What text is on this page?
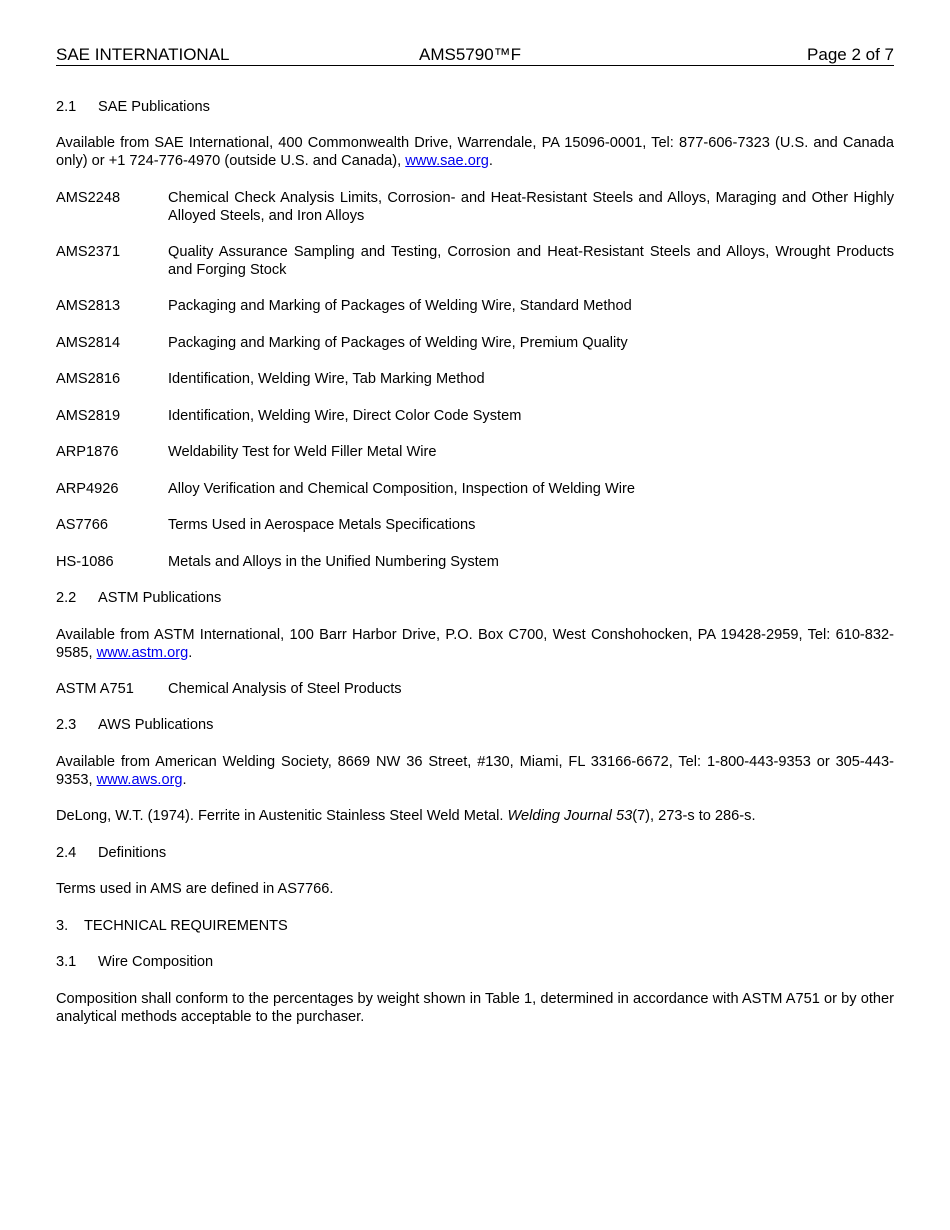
SAE INTERNATIONAL	AMS5790™F	Page 2 of 7
2.1 SAE Publications
Available from SAE International, 400 Commonwealth Drive, Warrendale, PA 15096-0001, Tel: 877-606-7323 (U.S. and Canada only) or +1 724-776-4970 (outside U.S. and Canada), www.sae.org.
AMS2248	Chemical Check Analysis Limits, Corrosion- and Heat-Resistant Steels and Alloys, Maraging and Other Highly Alloyed Steels, and Iron Alloys
AMS2371	Quality Assurance Sampling and Testing, Corrosion and Heat-Resistant Steels and Alloys, Wrought Products and Forging Stock
AMS2813	Packaging and Marking of Packages of Welding Wire, Standard Method
AMS2814	Packaging and Marking of Packages of Welding Wire, Premium Quality
AMS2816	Identification, Welding Wire, Tab Marking Method
AMS2819	Identification, Welding Wire, Direct Color Code System
ARP1876	Weldability Test for Weld Filler Metal Wire
ARP4926	Alloy Verification and Chemical Composition, Inspection of Welding Wire
AS7766	Terms Used in Aerospace Metals Specifications
HS-1086	Metals and Alloys in the Unified Numbering System
2.2 ASTM Publications
Available from ASTM International, 100 Barr Harbor Drive, P.O. Box C700, West Conshohocken, PA 19428-2959, Tel: 610-832-9585, www.astm.org.
ASTM A751 Chemical Analysis of Steel Products
2.3 AWS Publications
Available from American Welding Society, 8669 NW 36 Street, #130, Miami, FL 33166-6672, Tel: 1-800-443-9353 or 305-443-9353, www.aws.org.
DeLong, W.T. (1974). Ferrite in Austenitic Stainless Steel Weld Metal. Welding Journal 53(7), 273-s to 286-s.
2.4 Definitions
Terms used in AMS are defined in AS7766.
3. TECHNICAL REQUIREMENTS
3.1 Wire Composition
Composition shall conform to the percentages by weight shown in Table 1, determined in accordance with ASTM A751 or by other analytical methods acceptable to the purchaser.
